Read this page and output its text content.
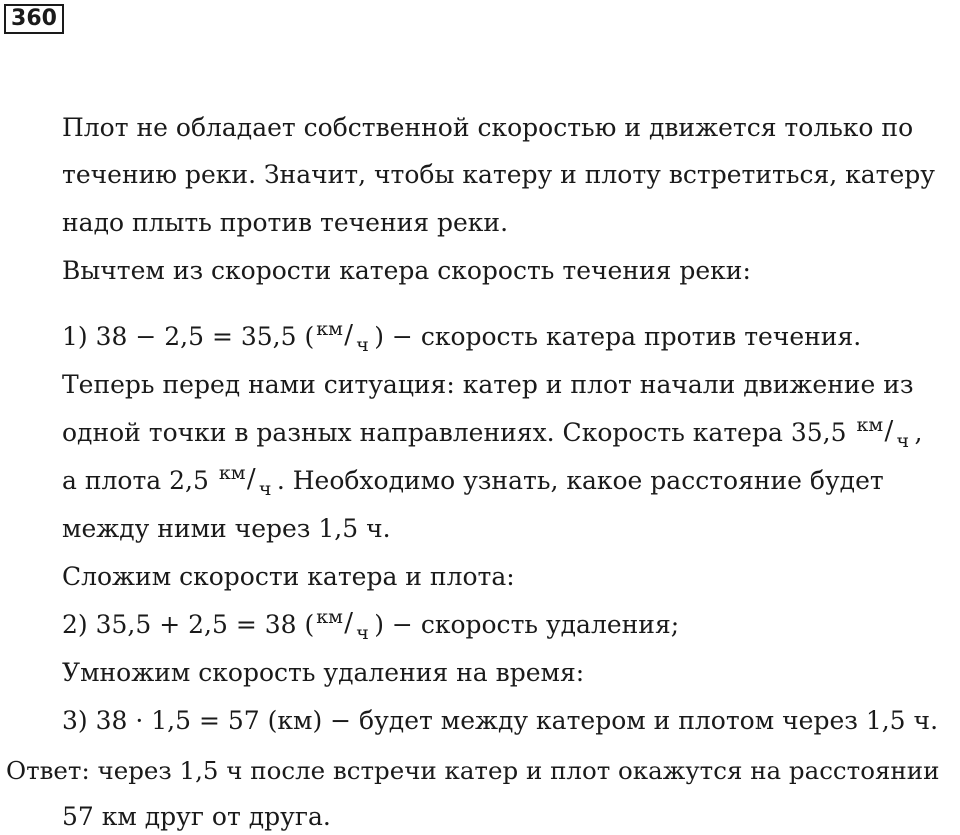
360
Плот не обладает собственной скоростью и движется только по
течению реки. Значит, чтобы катеру и плоту встретиться, катеру
надо плыть против течения реки.
Вычтем из скорости катера скорость течения реки:
1) 38 − 2,5 = 35,5 ( км / ч ) − скорость катера против течения.
Теперь перед нами ситуация: катер и плот начали движение из
одной точки в разных направлениях. Скорость катера 35,5 км / ч ,
а плота 2,5 км / ч . Необходимо узнать, какое расстояние будет
между ними через 1,5 ч.
Сложим скорости катера и плота:
2) 35,5 + 2,5 = 38 ( км / ч ) − скорость удаления;
Умножим скорость удаления на время:
3) 38 · 1,5 = 57 (км) − будет между катером и плотом через 1,5 ч.
Ответ: через 1,5 ч после встречи катер и плот окажутся на расстоянии
57 км друг от друга.
